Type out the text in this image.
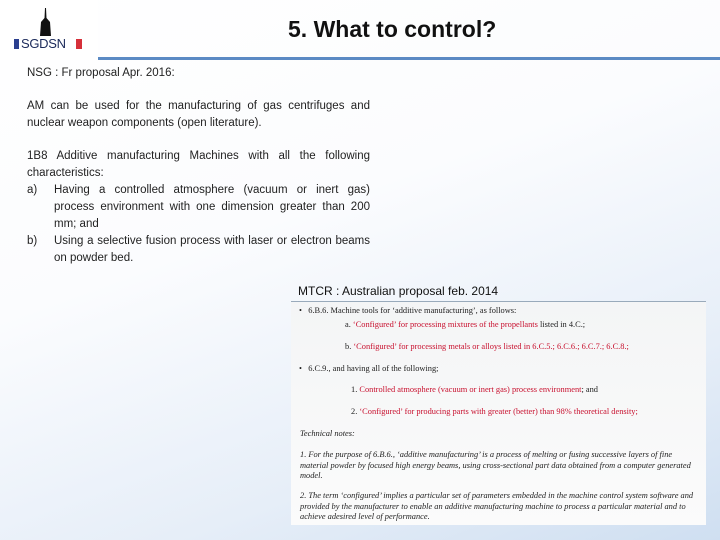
SGDSN
5. What to control?
NSG : Fr proposal Apr. 2016:
AM can be used for the manufacturing of gas centrifuges and nuclear weapon components (open literature).
1B8 Additive manufacturing Machines with all the following characteristics:
a)	Having a controlled atmosphere (vacuum or inert gas) process environment with one dimension greater than 200 mm; and
b)	Using a selective fusion process with laser or electron beams on powder bed.
MTCR : Australian proposal feb. 2014

•   6.B.6. Machine tools for ‘additive manufacturing’, as follows:

a. ‘Configured’ for processing mixtures of the propellants listed in 4.C.;

b. ‘Configured’ for processing metals or alloys listed in 6.C.5.; 6.C.6.; 6.C.7.; 6.C.8.;

•   6.C.9., and having all of the following;

1. Controlled atmosphere (vacuum or inert gas) process environment; and

2. ‘Configured’ for producing parts with greater (better) than 98% theoretical density;

Technical notes:

1. For the purpose of 6.B.6., ‘additive manufacturing’ is a process of melting or fusing successive layers of fine material powder by focused high energy beams, using cross-sectional part data obtained from a computer generated model.
2. The term ‘configured’ implies a particular set of parameters embedded in the machine control system software and provided by the manufacturer to enable an additive manufacturing machine to process a particular material and to achieve adesired level of performance.
